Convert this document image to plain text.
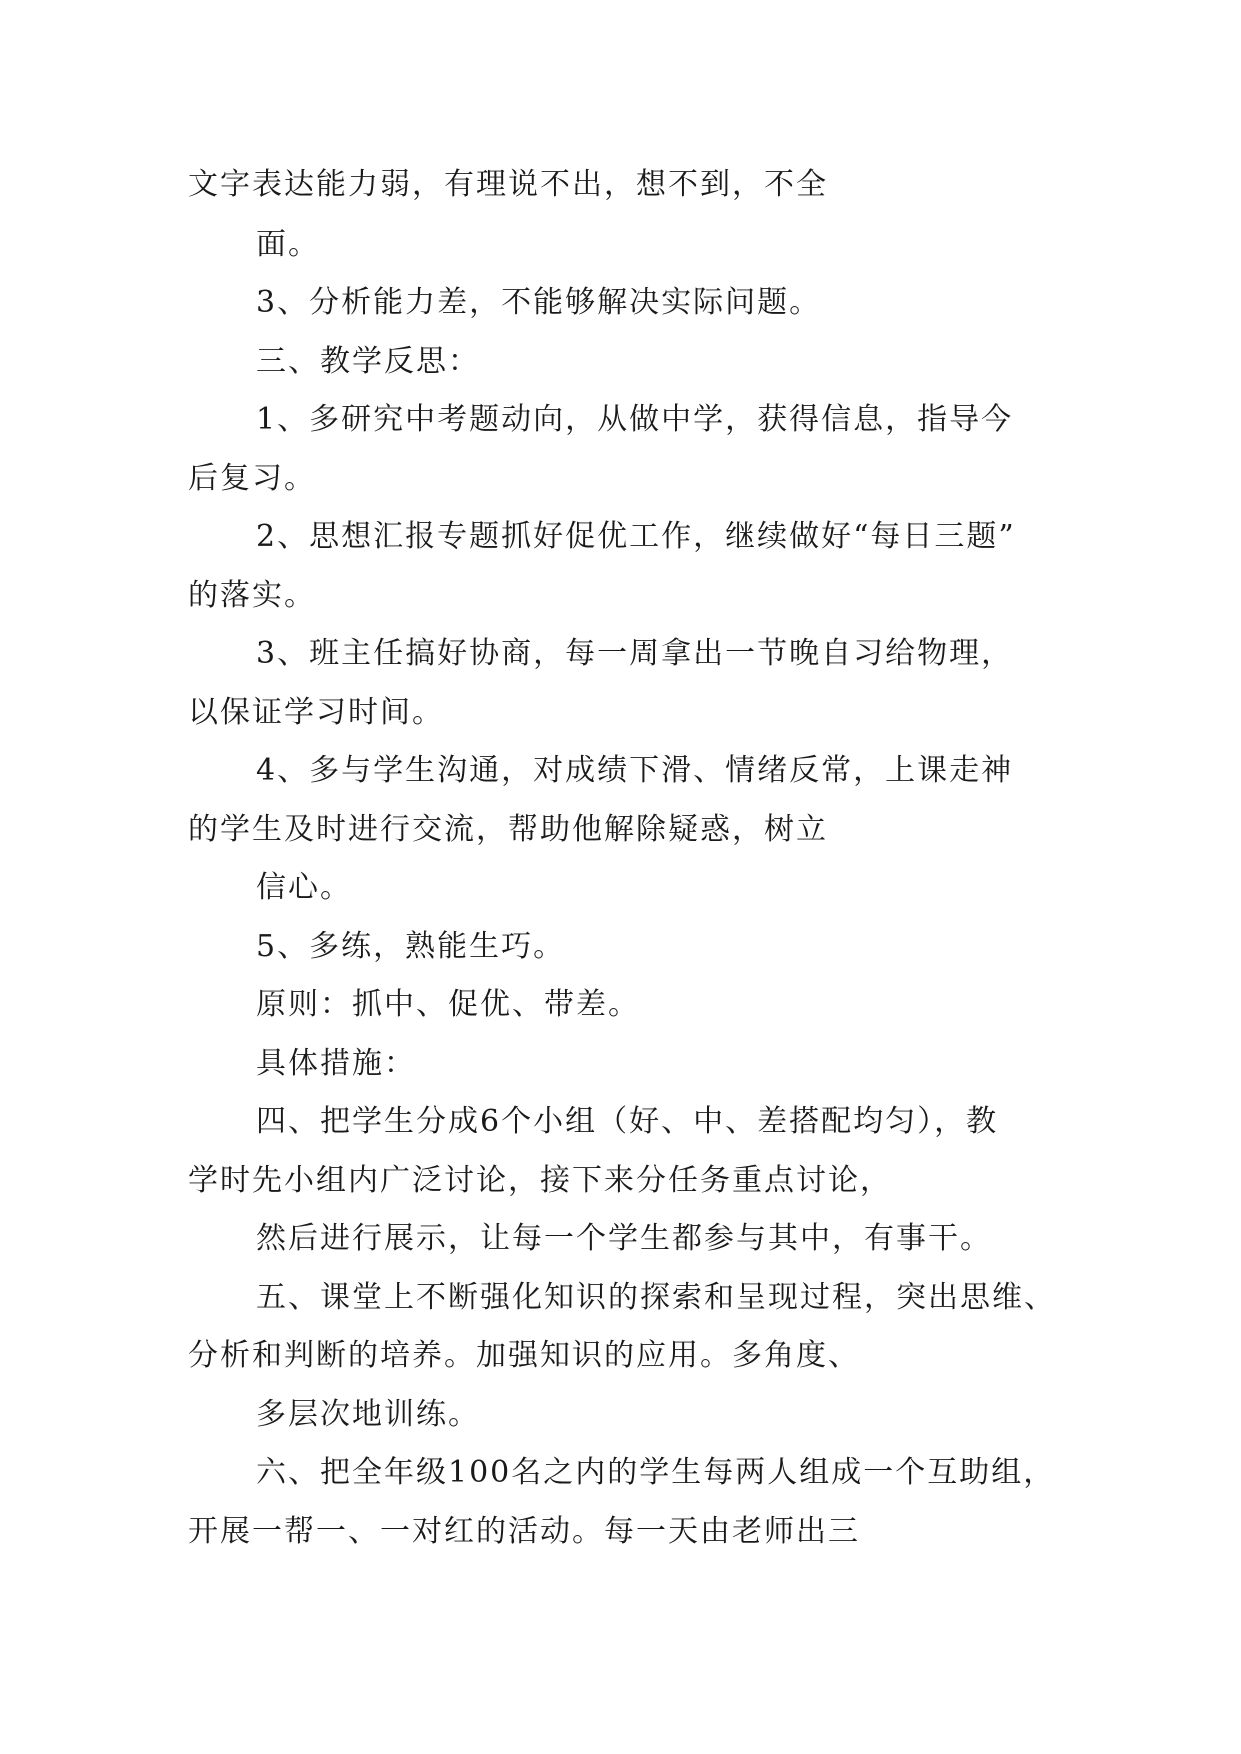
文字表达能力弱，有理说不出，想不到，不全
面。
3、分析能力差，不能够解决实际问题。
三、教学反思：
1、多研究中考题动向，从做中学，获得信息，指导今
后复习。
2、思想汇报专题抓好促优工作，继续做好“每日三题”
的落实。
3、班主任搞好协商，每一周拿出一节晚自习给物理，
以保证学习时间。
4、多与学生沟通，对成绩下滑、情绪反常，上课走神
的学生及时进行交流，帮助他解除疑惑，树立
信心。
5、多练，熟能生巧。
原则：抓中、促优、带差。
具体措施：
四、把学生分成6个小组（好、中、差搭配均匀），教
学时先小组内广泛讨论，接下来分任务重点讨论，
然后进行展示，让每一个学生都参与其中，有事干。
五、课堂上不断强化知识的探索和呈现过程，突出思维、
分析和判断的培养。加强知识的应用。多角度、
多层次地训练。
六、把全年级100名之内的学生每两人组成一个互助组，
开展一帮一、一对红的活动。每一天由老师出三
